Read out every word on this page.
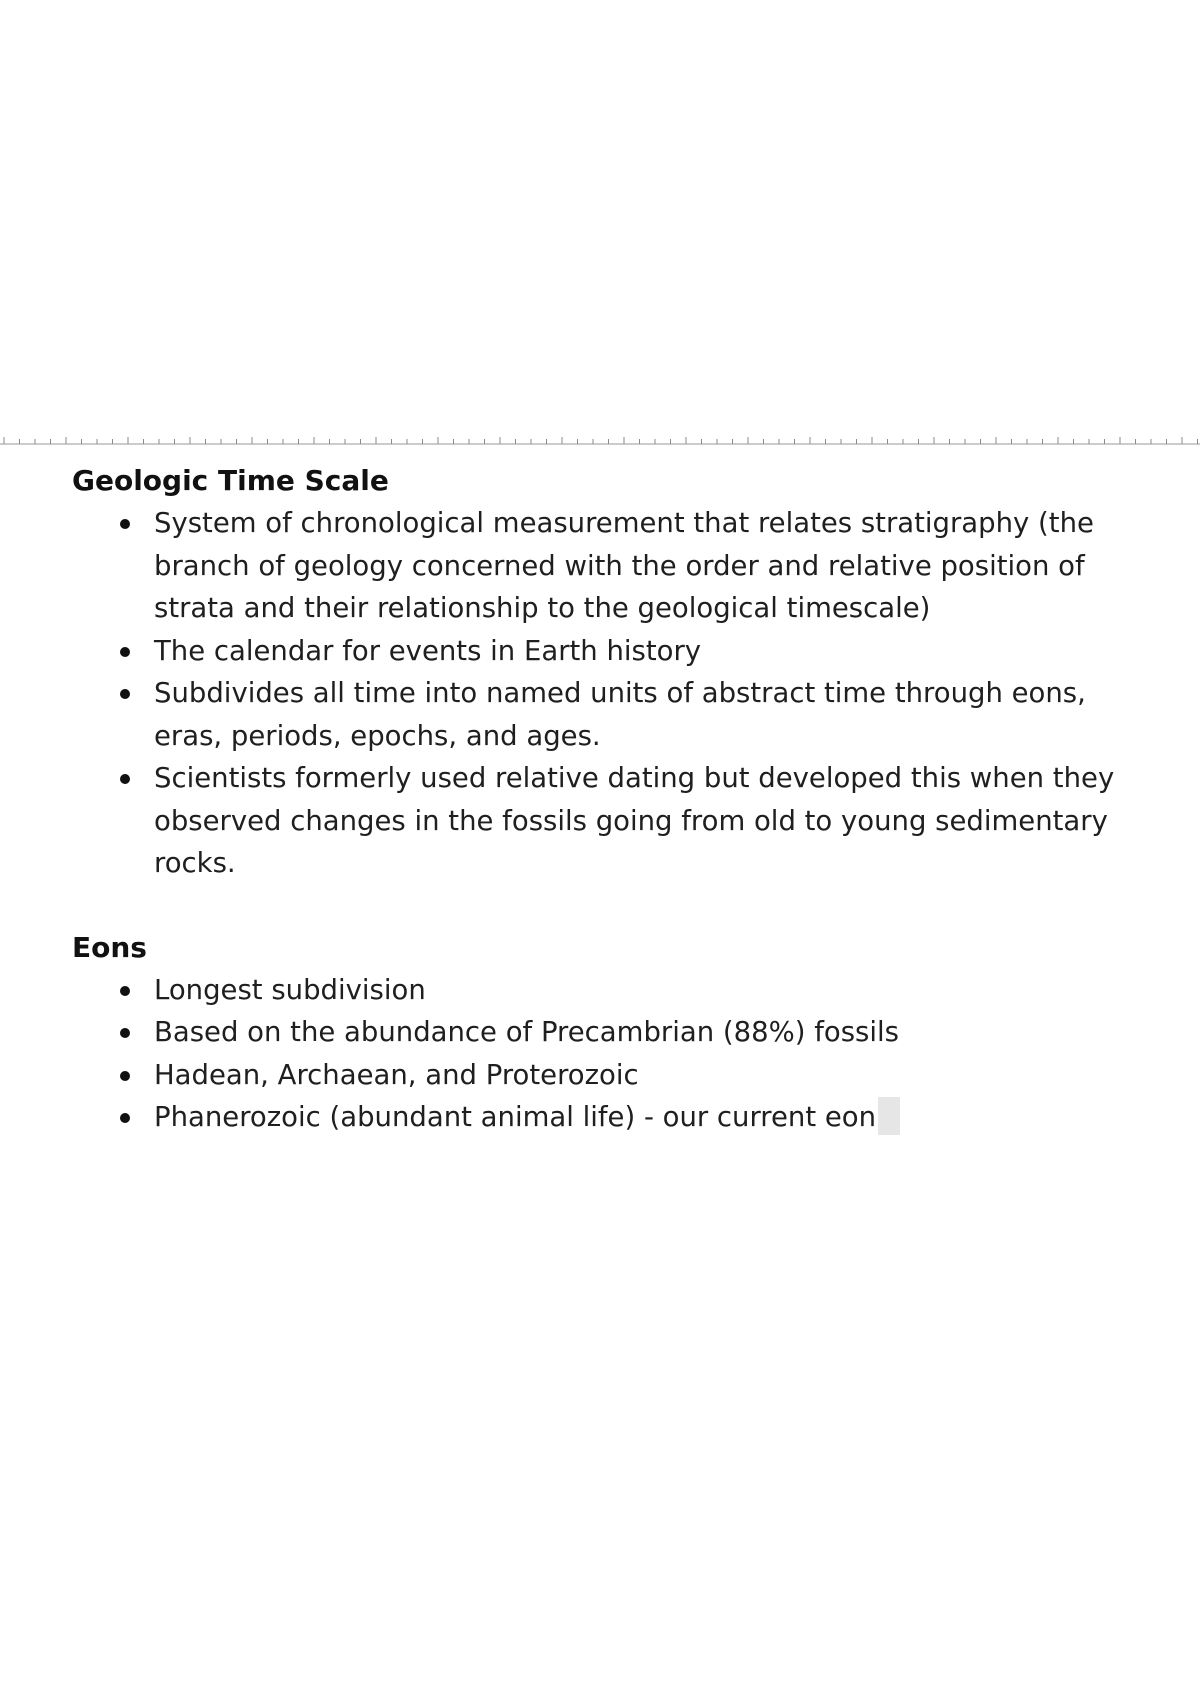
Geologic Time Scale

System of chronological measurement that relates stratigraphy (the branch of geology concerned with the order and relative position of strata and their relationship to the geological timescale)
The calendar for events in Earth history
Subdivides all time into named units of abstract time through eons, eras, periods, epochs, and ages.
Scientists formerly used relative dating but developed this when they observed changes in the fossils going from old to young sedimentary rocks.

Eons

Longest subdivision
Based on the abundance of Precambrian (88%) fossils
Hadean, Archaean, and Proterozoic
Phanerozoic (abundant animal life) - our current eon
